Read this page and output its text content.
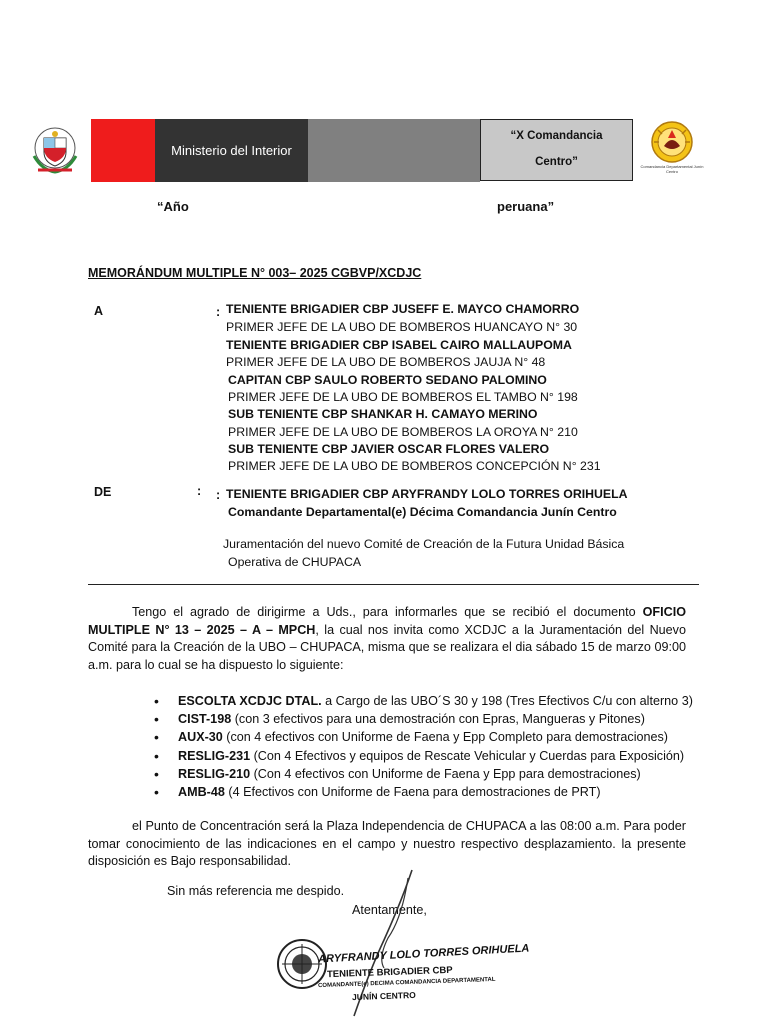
Ministerio del Interior
“X Comandancia
Centro”	Comandancia Departamental Junín Centro
“Año	peruana”
MEMORÁNDUM MULTIPLE N° 003– 2025 CGBVP/XCDJC
A	: TENIENTE BRIGADIER CBP JUSEFF E. MAYCO CHAMORRO
PRIMER JEFE DE LA UBO DE BOMBEROS HUANCAYO N° 30
TENIENTE BRIGADIER CBP ISABEL CAIRO MALLAUPOMA
PRIMER JEFE DE LA UBO DE BOMBEROS JAUJA N° 48
CAPITAN CBP SAULO ROBERTO SEDANO PALOMINO
PRIMER JEFE DE LA UBO DE BOMBEROS EL TAMBO N° 198
SUB TENIENTE CBP SHANKAR H. CAMAYO MERINO
PRIMER JEFE DE LA UBO DE BOMBEROS LA OROYA N° 210
SUB TENIENTE CBP JAVIER OSCAR FLORES VALERO
PRIMER JEFE DE LA UBO DE BOMBEROS CONCEPCIÓN N° 231
DE	: : TENIENTE BRIGADIER CBP ARYFRANDY LOLO TORRES ORIHUELA
Comandante Departamental(e) Décima Comandancia Junín Centro
Juramentación del nuevo Comité de Creación de la Futura Unidad Básica
Operativa de CHUPACA
Tengo el agrado de dirigirme a Uds., para informarles que se recibió el documento OFICIO MULTIPLE N° 13 – 2025 – A – MPCH, la cual nos invita como XCDJC a la Juramentación del Nuevo Comité para la Creación de la UBO – CHUPACA, misma que se realizara el dia sábado 15 de marzo 09:00 a.m. para lo cual se ha dispuesto lo siguiente:
• ESCOLTA XCDJC DTAL. a Cargo de las UBO´S 30 y 198 (Tres Efectivos C/u con alterno 3)
• CIST-198 (con 3 efectivos para una demostración con Epras, Mangueras y Pitones)
• AUX-30 (con 4 efectivos con Uniforme de Faena y Epp Completo para demostraciones)
• RESLIG-231 (Con 4 Efectivos y equipos de Rescate Vehicular y Cuerdas para Exposición)
• RESLIG-210 (Con 4 efectivos con Uniforme de Faena y Epp para demostraciones)
• AMB-48 (4 Efectivos con Uniforme de Faena para demostraciones de PRT)
el Punto de Concentración será la Plaza Independencia de CHUPACA a las 08:00 a.m. Para poder tomar conocimiento de las indicaciones en el campo y nuestro respectivo desplazamiento. la presente disposición es Bajo responsabilidad.
Sin más referencia me despido.
Atentamente,
ARYFRANDY LOLO TORRES ORIHUELA
TENIENTE BRIGADIER CBP
COMANDANTE(e) DECIMA COMANDANCIA DEPARTAMENTAL
JUNÍN CENTRO
